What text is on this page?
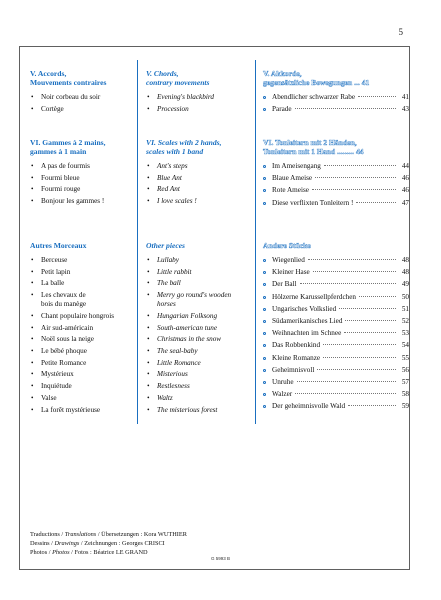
5
V. Accords,
Mouvements contraires
• Noir corbeau du soir
• Cortège
VI. Gammes à 2 mains,
gammes à 1 main
• A pas de fourmis
• Fourmi bleue
• Fourmi rouge
• Bonjour les gammes !
Autres Morceaux
• Berceuse
• Petit lapin
• La balle
• Les chevaux de
bois du manège
• Chant populaire hongrois
• Air sud-américain
• Noël sous la neige
• Le bébé phoque
• Petite Romance
• Mystérieux
• Inquiétude
• Valse
• La forêt mystérieuse
V. Chords,
contrary movements
• Evening's blackbird
• Procession
VI. Scales with 2 hands,
scales with 1 band
• Ant's steps
• Blue Ant
• Red Ant
• I love scales !
Other pieces
• Lullaby
• Little rabbit
• The ball
• Merry go round's wooden
horses
• Hungarian Folksong
• South-american tune
• Christmas in the snow
• The seal-baby
• Little Romance
• Misterious
• Restlesness
• Waltz
• The misterious forest
V. Akkorde,
gegensätzliche Bewegungen ... 41
Abendlicher schwarzer Rabe	41
Parade	43
VI. Tonleitern mit 2 Händen,
Tonleitern mit 1 Hand ......... 44
Im Ameisengang	44
Blaue Ameise	46
Rote Ameise	46
Diese verflixten Tonleitern !	47
Andere Stücke
Wiegenlied	48
Kleiner Hase	48
Der Ball	49
Hölzerne Karussellpferdchen	50
Ungarisches Volkslied	51
Südamerikanisches Lied	52
Weihnachten im Schnee	53
Das Robbenkind	54
Kleine Romanze	55
Geheimnisvoll	56
Unruhe	57
Walzer	58
Der geheimnisvolle Wald	59
Traductions / Translations / Übersetzungen : Kora WUTHIER
Dessins / Drawings / Zeichnungen : Georges CRISCI
Photos / Photos / Fotos : Béatrice LE GRAND
G 5993 B
